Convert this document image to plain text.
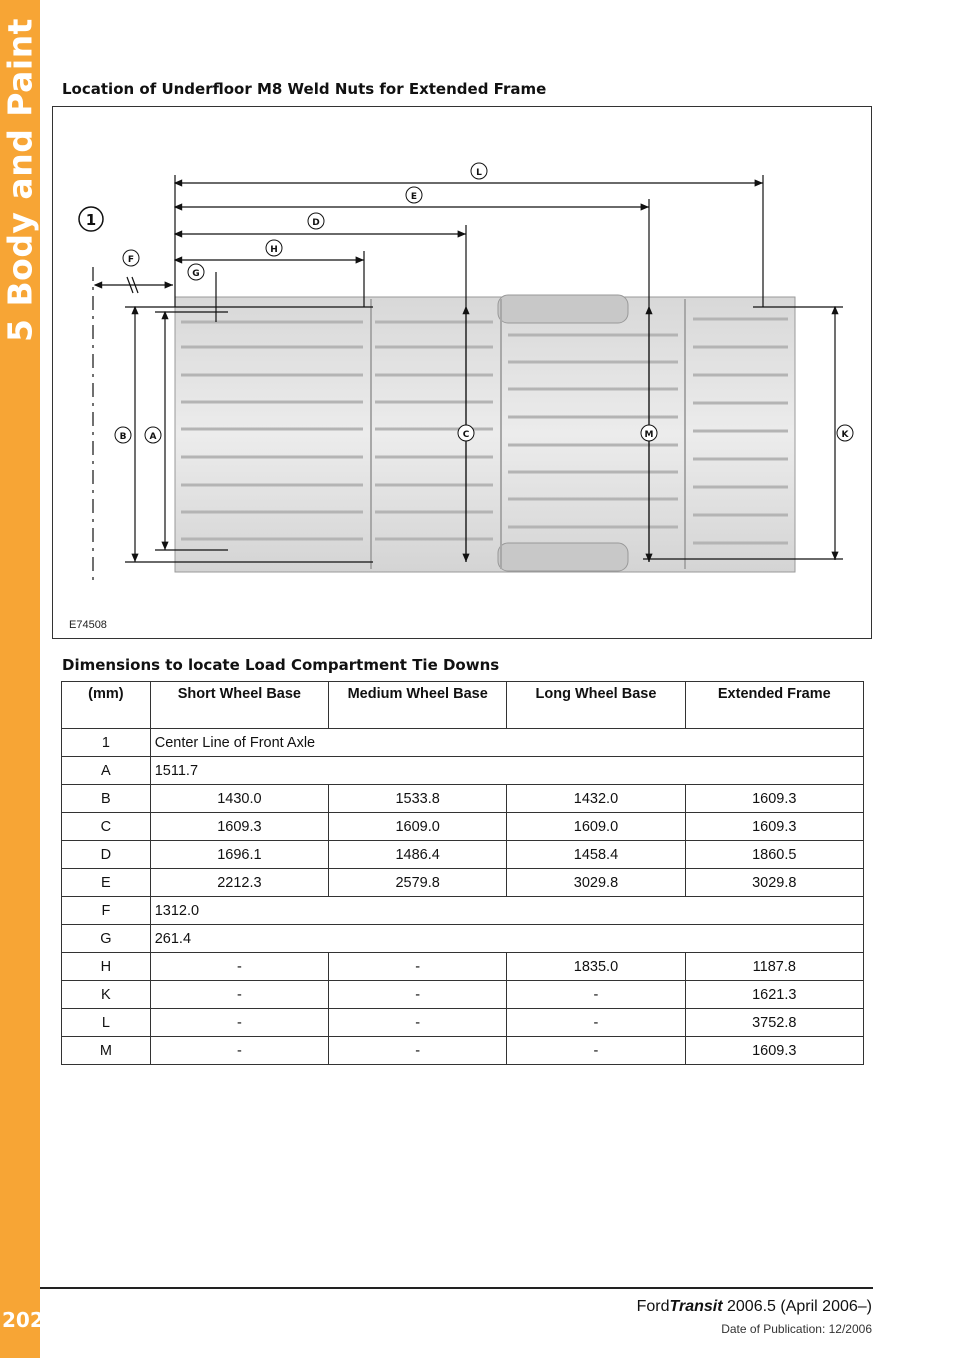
5 Body and Paint
202
Location of Underfloor M8 Weld Nuts for Extended Frame
L
E
D
H
F
G
1
B	A	C	M	K
E74508
Dimensions to locate Load Compartment Tie Downs
(mm)	Short Wheel Base	Medium Wheel Base	Long Wheel Base	Extended Frame
1	Center Line of Front Axle			
A	1511.7			
B	1430.0	1533.8	1432.0	1609.3
C	1609.3	1609.0	1609.0	1609.3
D	1696.1	1486.4	1458.4	1860.5
E	2212.3	2579.8	3029.8	3029.8
F	1312.0			
G	261.4			
H	-	-	1835.0	1187.8
K	-	-	-	1621.3
L	-	-	-	3752.8
M	-	-	-	1609.3
FordTransit 2006.5 (April 2006–)
Date of Publication: 12/2006
